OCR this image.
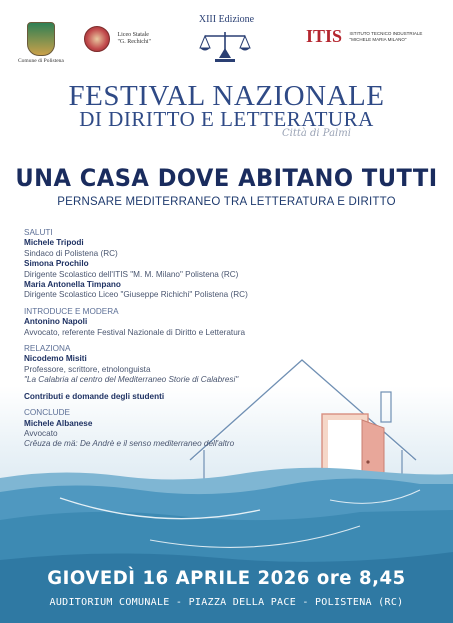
Comune di Polistena
Liceo Statale
"G. Rechichi"
XIII Edizione
ITIS ISTITUTO TECNICO INDUSTRIALE
"MICHELE MARIA MILANO"
FESTIVAL NAZIONALE
DI DIRITTO E LETTERATURA
Città di Palmi
UNA CASA DOVE ABITANO TUTTI
PERNSARE MEDITERRANEO TRA LETTERATURA E DIRITTO
SALUTI
Michele Tripodi
Sindaco di Polistena (RC)
Simona Prochilo
Dirigente Scolastico dell'ITIS "M. M. Milano" Polistena (RC)
Maria Antonella Timpano
Dirigente Scolastico Liceo "Giuseppe Richichi" Polistena (RC)
INTRODUCE E MODERA
Antonino Napoli
Avvocato, referente Festival Nazionale di Diritto e Letteratura
RELAZIONA
Nicodemo Misiti
Professore, scrittore, etnolonguista
"La Calabria al centro del Mediterraneo Storie di Calabresi"
Contributi e domande degli studenti
CONCLUDE
Michele Albanese
Avvocato
Crêuza de mä: De Andrè e il senso mediterraneo dell'altro
GIOVEDÌ 16 APRILE 2026 ore 8,45
AUDITORIUM COMUNALE - PIAZZA DELLA PACE - POLISTENA (RC)
